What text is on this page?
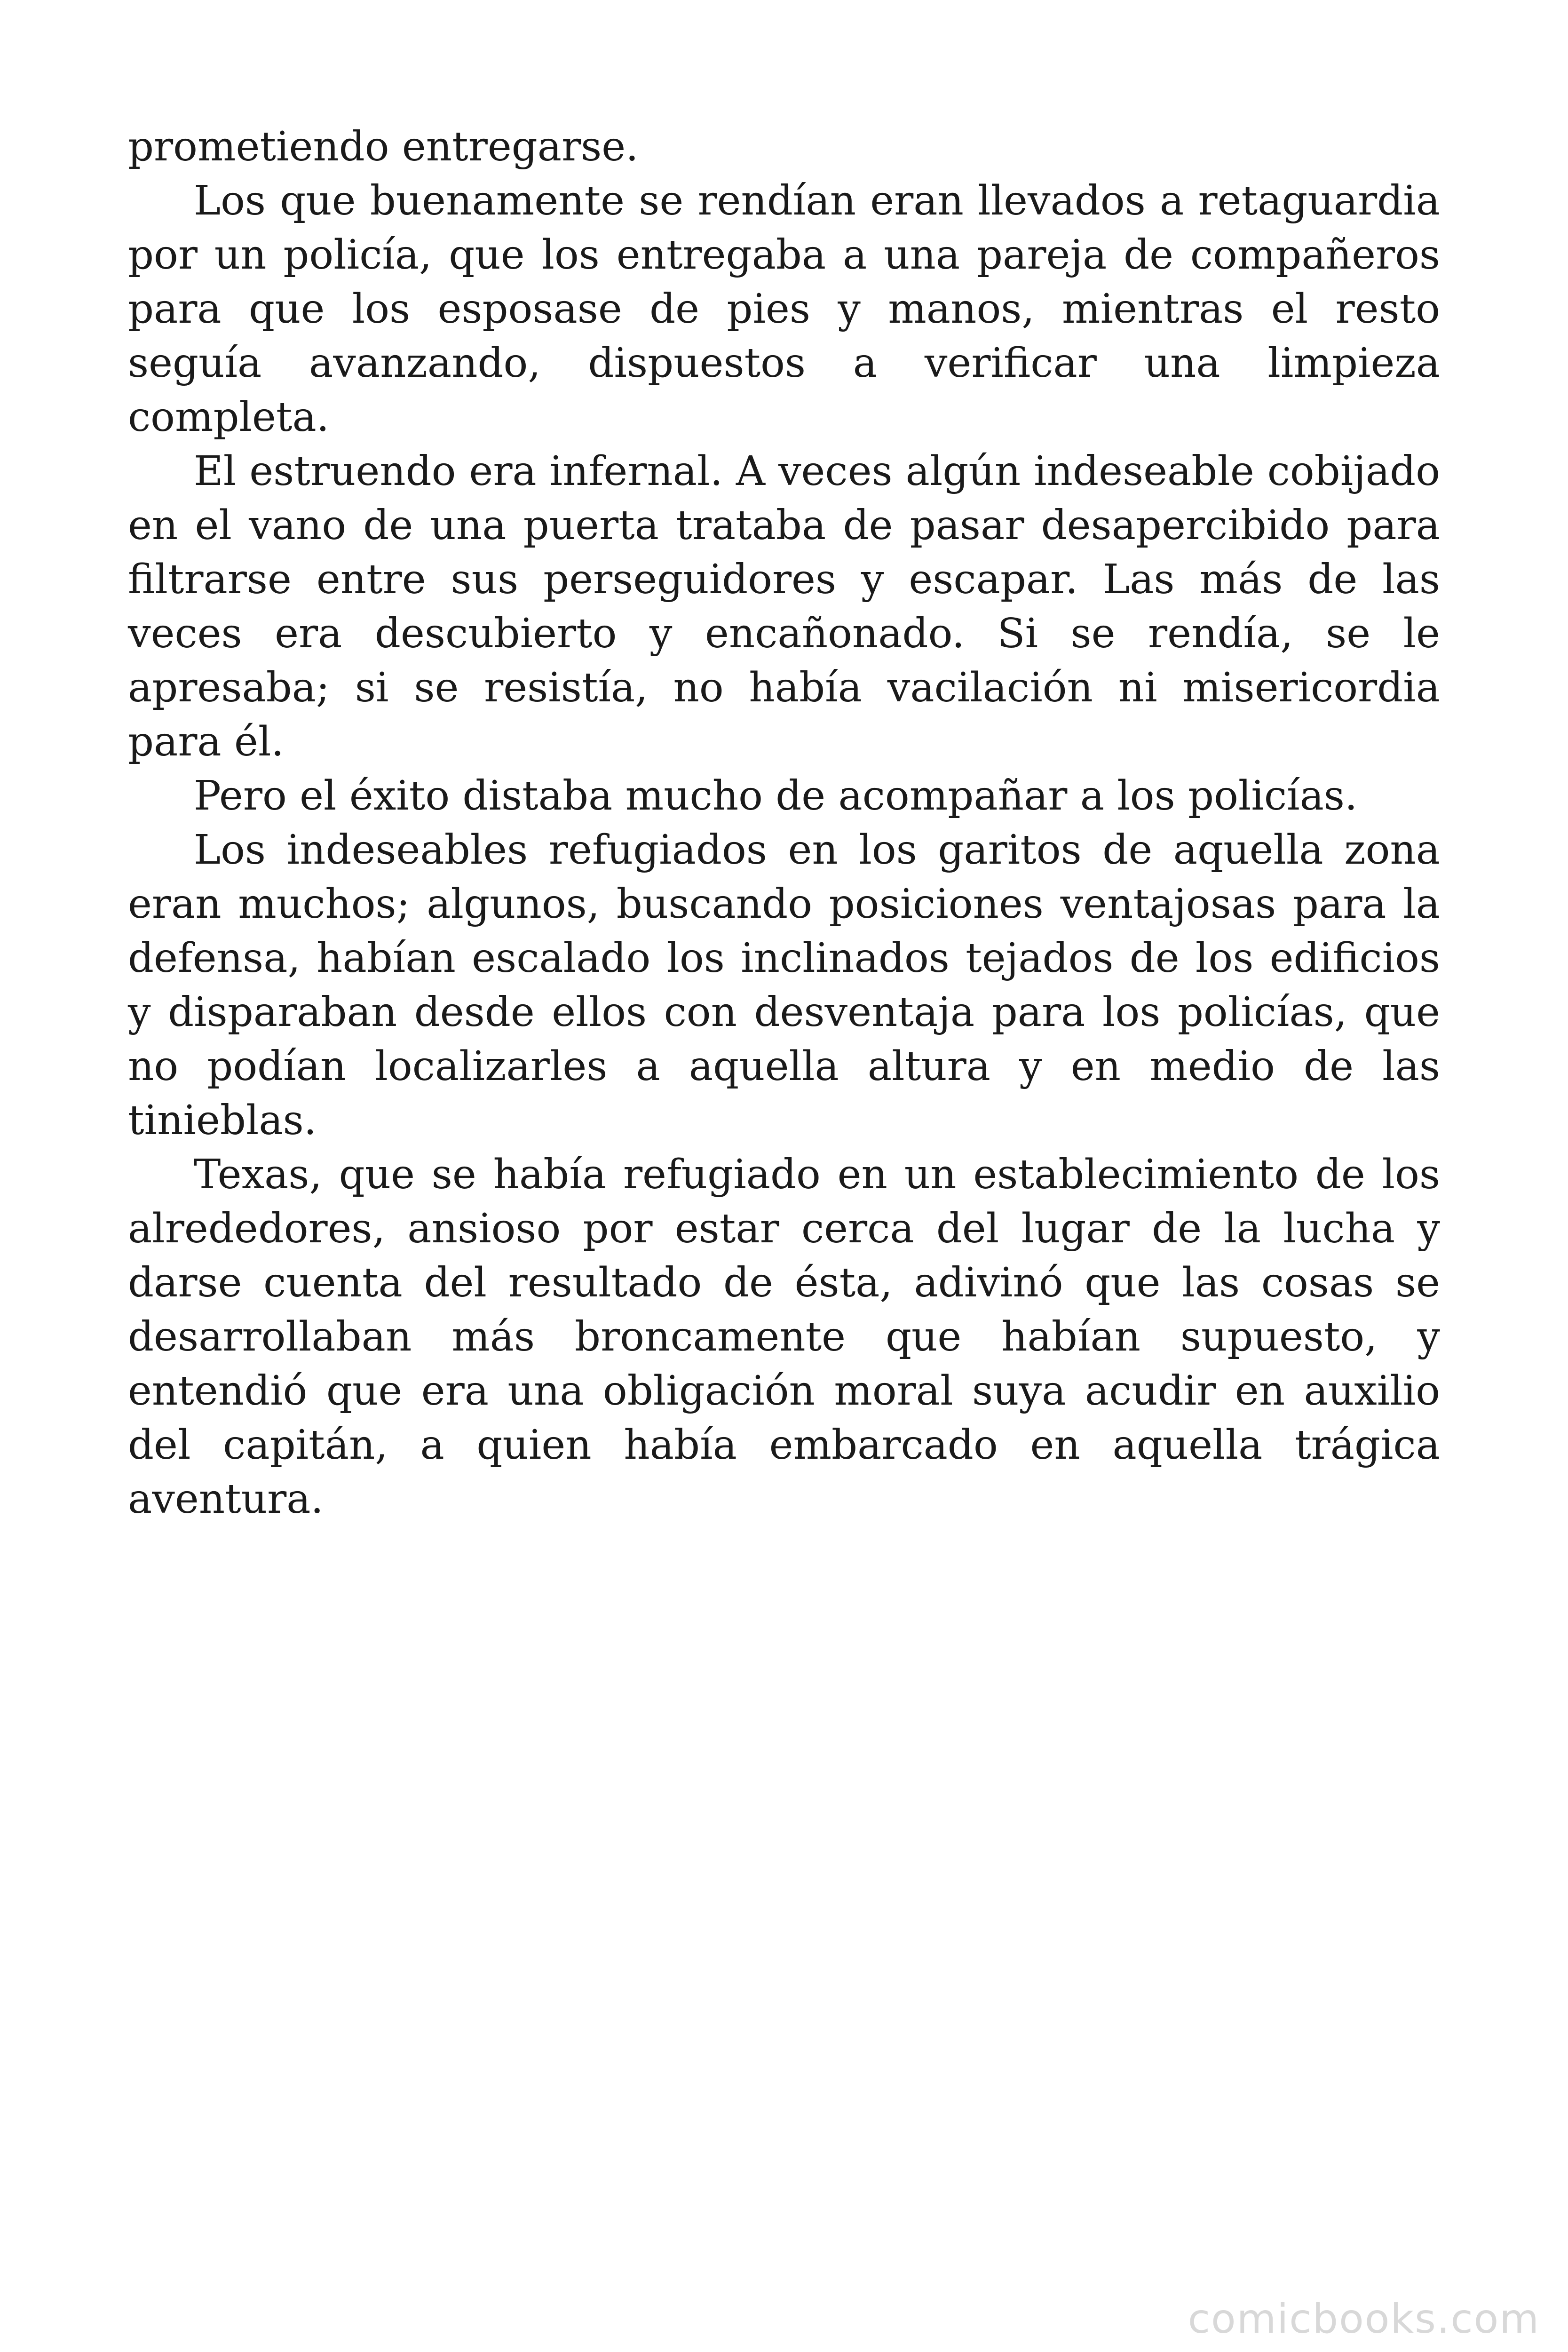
prometiendo entregarse.

Los que buenamente se rendían eran llevados a retaguardia por un policía, que los entregaba a una pareja de compañeros para que los esposase de pies y manos, mientras el resto seguía avanzando, dispuestos a verificar una limpieza completa.

El estruendo era infernal. A veces algún indeseable cobijado en el vano de una puerta trataba de pasar desapercibido para filtrarse entre sus perseguidores y escapar. Las más de las veces era descubierto y encañonado. Si se rendía, se le apresaba; si se resistía, no había vacilación ni misericordia para él.

Pero el éxito distaba mucho de acompañar a los policías.

Los indeseables refugiados en los garitos de aquella zona eran muchos; algunos, buscando posiciones ventajosas para la defensa, habían escalado los inclinados tejados de los edificios y disparaban desde ellos con desventaja para los policías, que no podían localizarles a aquella altura y en medio de las tinieblas.

Texas, que se había refugiado en un establecimiento de los alrededores, ansioso por estar cerca del lugar de la lucha y darse cuenta del resultado de ésta, adivinó que las cosas se desarrollaban más broncamente que habían supuesto, y entendió que era una obligación moral suya acudir en auxilio del capitán, a quien había embarcado en aquella trágica aventura.

comicbooks.com
